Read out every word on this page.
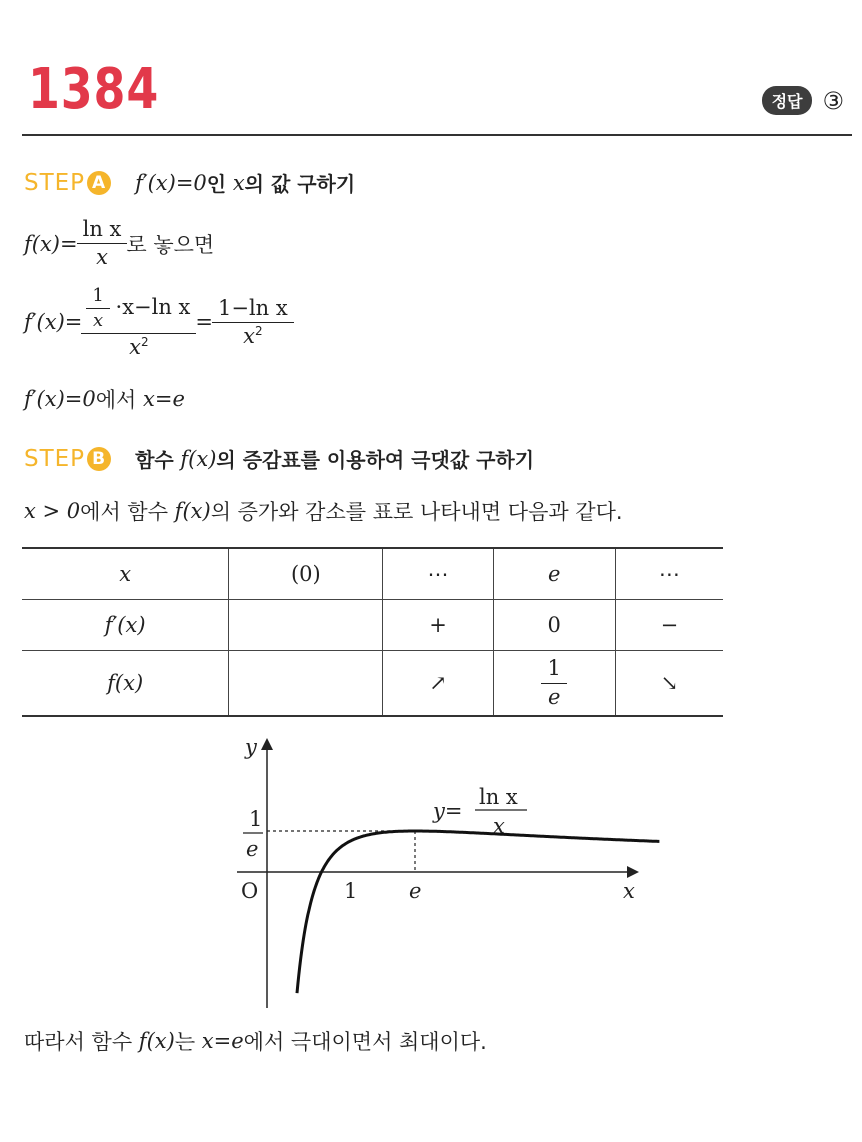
1384	정답 ③
STEP A f′(x)=0 인
x 의 값 구하기
$f(x)= \frac{\text{ln x}}{x}$ 로 놓으면
$f'(x)= \frac{\frac{1}{x} \cdot x-\ln x}{x^2} = \frac{\text{1−ln x}}{x^2}$
f′(x)=0 에서
x=e
STEP B 함수
f(x) 의 증감표를 이용하여 극댓값 구하기
x > 0 에서 함수
f(x) 의 증가와 감소를 표로 나타내면 다음과 같다.
x	(0)	⋯	e	⋯
f′(x)		+	0	−
f(x)		↗	$\frac{1}{e}$	↘
y
x
O	1 e
1
e
y=
ln x
x
따라서 함수
f(x) 는
x=e 에서 극대이면서 최대이다.
